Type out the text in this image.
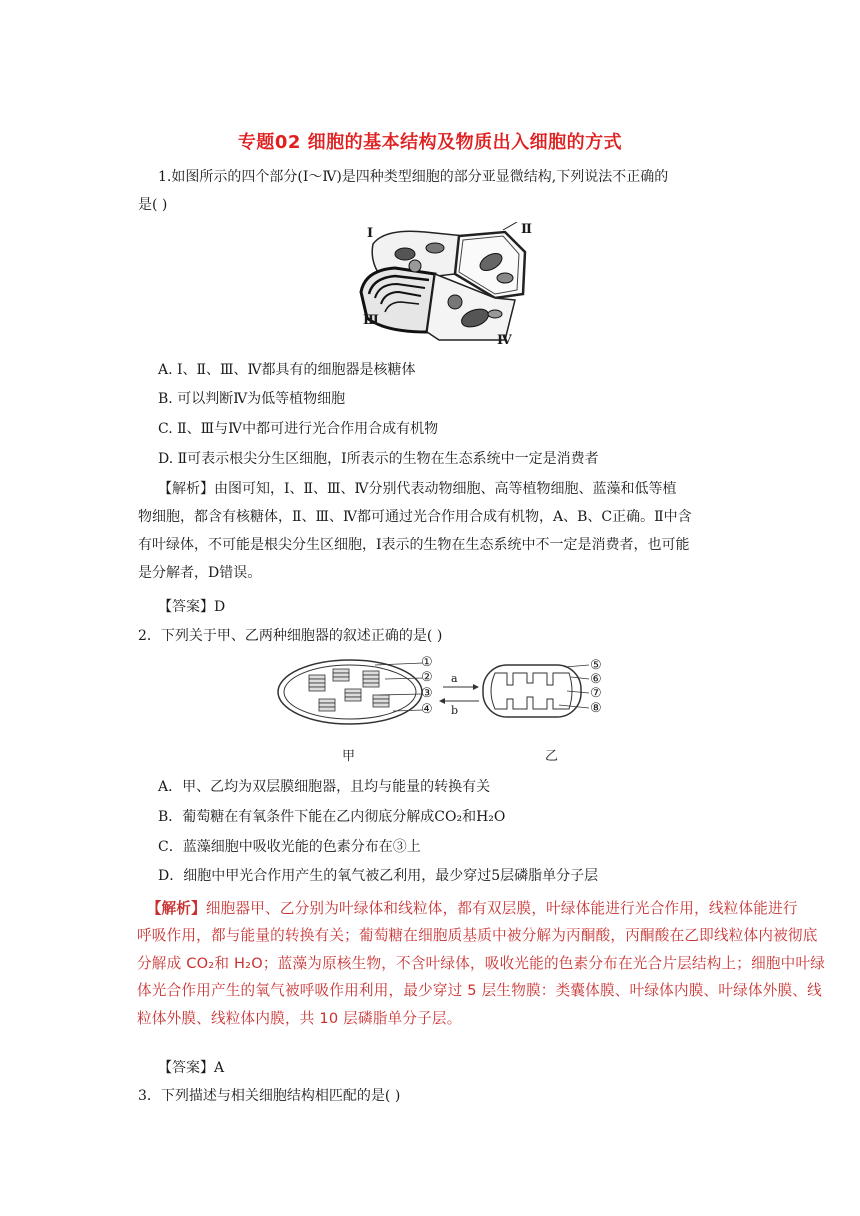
专题02 细胞的基本结构及物质出入细胞的方式
1.如图所示的四个部分(Ⅰ～Ⅳ)是四种类型细胞的部分亚显微结构,下列说法不正确的
是( )
Ⅰ	Ⅱ
Ⅲ
Ⅳ
A. Ⅰ、Ⅱ、Ⅲ、Ⅳ都具有的细胞器是核糖体
B. 可以判断Ⅳ为低等植物细胞
C. Ⅱ、Ⅲ与Ⅳ中都可进行光合作用合成有机物
D. Ⅱ可表示根尖分生区细胞，Ⅰ所表示的生物在生态系统中一定是消费者
【解析】由图可知，Ⅰ、Ⅱ、Ⅲ、Ⅳ分别代表动物细胞、高等植物细胞、蓝藻和低等植
物细胞，都含有核糖体，Ⅱ、Ⅲ、Ⅳ都可通过光合作用合成有机物，A、B、C正确。Ⅱ中含
有叶绿体，不可能是根尖分生区细胞，Ⅰ表示的生物在生态系统中不一定是消费者，也可能
是分解者，D错误。
【答案】D
2．下列关于甲、乙两种细胞器的叙述正确的是( )
①
②
③
④
a
b
⑤
⑥
⑦
⑧
甲	乙
A．甲、乙均为双层膜细胞器，且均与能量的转换有关
B．葡萄糖在有氧条件下能在乙内彻底分解成CO₂和H₂O
C．蓝藻细胞中吸收光能的色素分布在③上
D．细胞中甲光合作用产生的氧气被乙利用，最少穿过5层磷脂单分子层
【解析】细胞器甲、乙分别为叶绿体和线粒体，都有双层膜，叶绿体能进行光合作用，线粒体能进行
呼吸作用，都与能量的转换有关；葡萄糖在细胞质基质中被分解为丙酮酸，丙酮酸在乙即线粒体内被彻底
分解成 CO₂和 H₂O；蓝藻为原核生物，不含叶绿体，吸收光能的色素分布在光合片层结构上；细胞中叶绿
体光合作用产生的氧气被呼吸作用利用，最少穿过 5 层生物膜：类囊体膜、叶绿体内膜、叶绿体外膜、线
粒体外膜、线粒体内膜，共 10 层磷脂单分子层。
【答案】A
3．下列描述与相关细胞结构相匹配的是( )
